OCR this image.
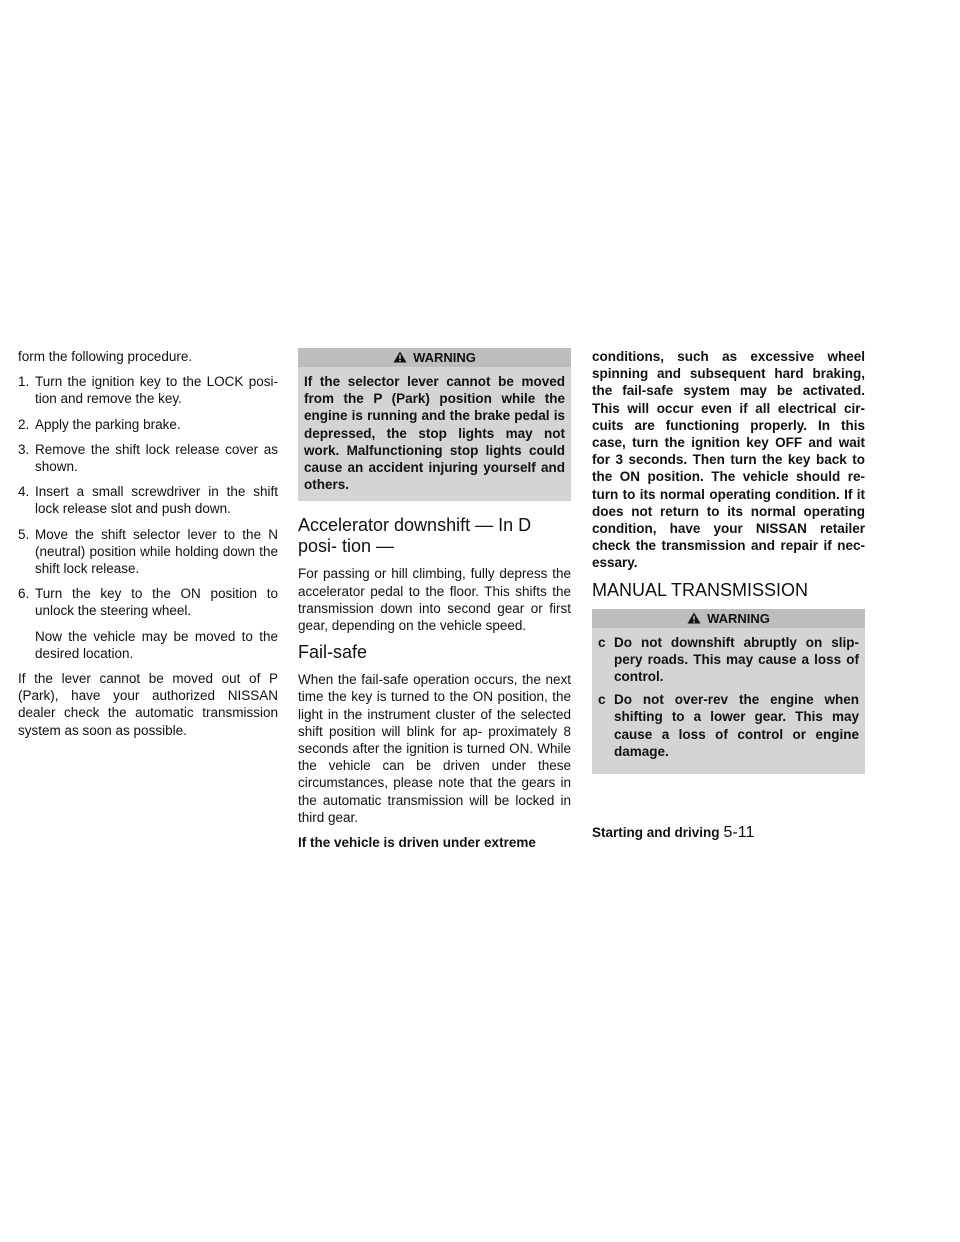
form the following procedure.

1. Turn the ignition key to the LOCK posi- tion and remove the key.
2. Apply the parking brake.
3. Remove the shift lock release cover as shown.
4. Insert a small screwdriver in the shift lock release slot and push down.
5. Move the shift selector lever to the N (neutral) position while holding down the shift lock release.
6. Turn the key to the ON position to unlock the steering wheel.

Now the vehicle may be moved to the desired location.

If the lever cannot be moved out of P (Park), have your authorized NISSAN dealer check the automatic transmission system as soon as possible.

WARNING
If the selector lever cannot be moved from the P (Park) position while the engine is running and the brake pedal is depressed, the stop lights may not work. Malfunctioning stop lights could cause an accident injuring yourself and others.
Accelerator downshift — In D posi- tion —

For passing or hill climbing, fully depress the accelerator pedal to the floor. This shifts the transmission down into second gear or first gear, depending on the vehicle speed.

Fail-safe

When the fail-safe operation occurs, the next time the key is turned to the ON position, the light in the instrument cluster of the selected shift position will blink for ap- proximately 8 seconds after the ignition is turned ON. While the vehicle can be driven under these circumstances, please note that the gears in the automatic transmission will be locked in third gear.

If the vehicle is driven under extreme

conditions, such as excessive wheel spinning and subsequent hard braking, the fail-safe system may be activated. This will occur even if all electrical cir- cuits are functioning properly. In this case, turn the ignition key OFF and wait for 3 seconds. Then turn the key back to the ON position. The vehicle should re- turn to its normal operating condition. If it does not return to its normal operating condition, have your NISSAN retailer check the transmission and repair if nec- essary.

MANUAL TRANSMISSION
WARNING
c Do not downshift abruptly on slip- pery roads. This may cause a loss of control.
c Do not over-rev the engine when shifting to a lower gear. This may cause a loss of control or engine damage.
Starting and driving 5-11
